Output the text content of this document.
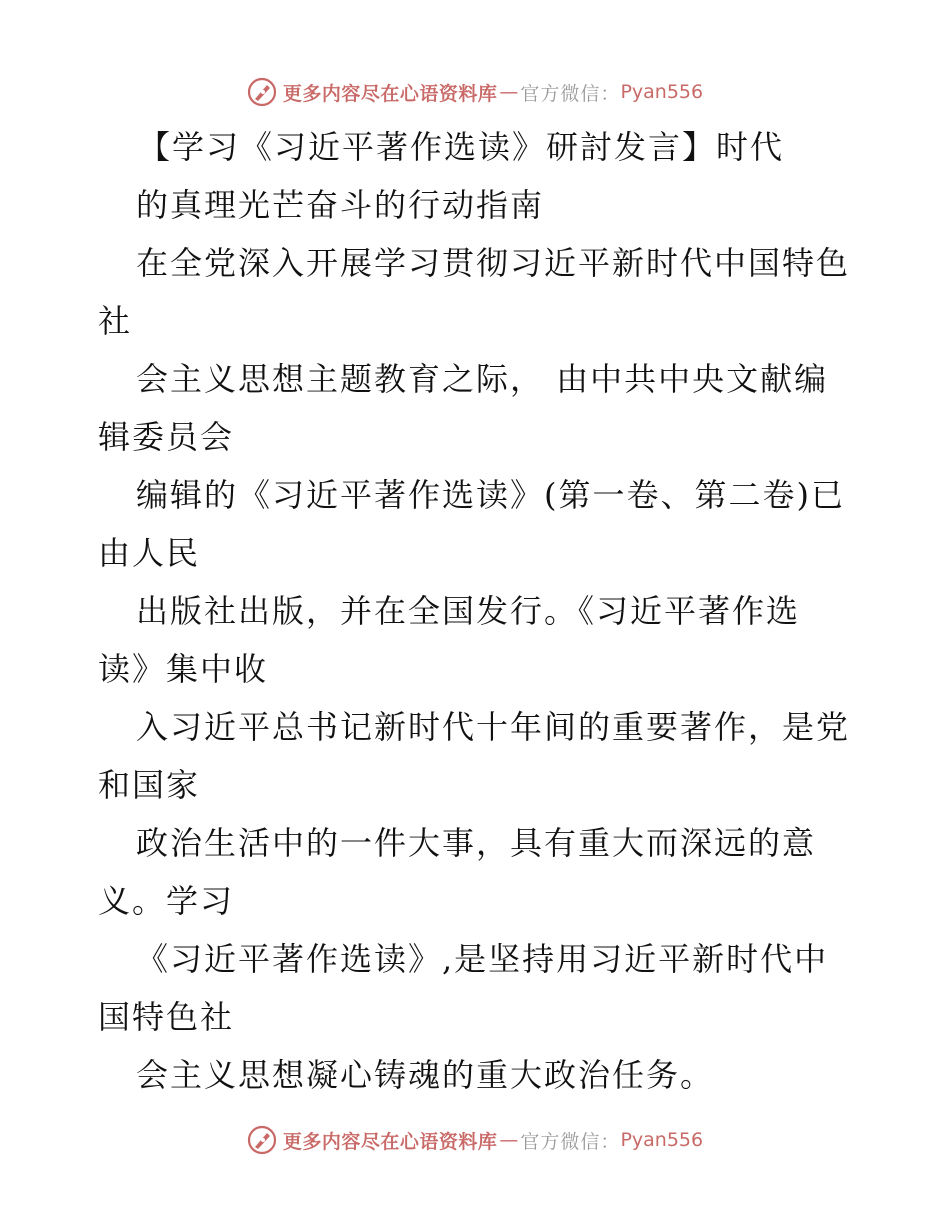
更多内容尽在心语资料库 — 官方微信： Pyan556
【学习《习近平著作选读》研討发言】时代
的真理光芒奋斗的行动指南
在全党深入开展学习贯彻习近平新时代中国特色
社
会主义思想主题教育之际， 由中共中央文献编
辑委员会
编辑的《习近平著作选读》(第一卷、第二卷)已
由人民
出版社出版，并在全国发行。《习近平著作选
读》集中收
入习近平总书记新时代十年间的重要著作，是党
和国家
政治生活中的一件大事，具有重大而深远的意
义。学习
《习近平著作选读》,是坚持用习近平新时代中
国特色社
会主义思想凝心铸魂的重大政治任务。
更多内容尽在心语资料库 — 官方微信： Pyan556
